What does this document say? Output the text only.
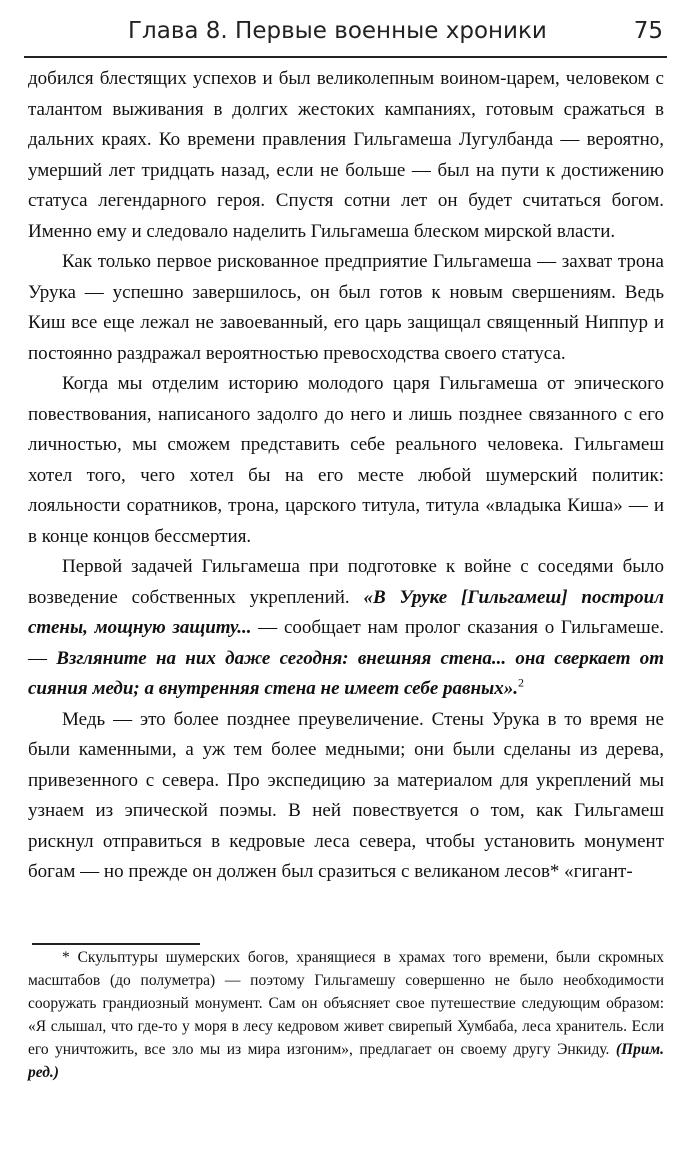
Глава 8. Первые военные хроники	75

добился блестящих успехов и был великолепным воином-царем, человеком с талантом выживания в долгих жестоких кампаниях, готовым сражаться в дальних краях. Ко времени правления Гильгамеша Лугулбанда — вероятно, умерший лет тридцать назад, если не больше — был на пути к достижению статуса легендарного героя. Спустя сотни лет он будет считаться богом. Именно ему и следовало наделить Гильгамеша блеском мирской власти.

Как только первое рискованное предприятие Гильгамеша — захват трона Урука — успешно завершилось, он был готов к новым свершениям. Ведь Киш все еще лежал не завоеванный, его царь защищал священный Ниппур и постоянно раздражал вероятностью превосходства своего статуса.

Когда мы отделим историю молодого царя Гильгамеша от эпического повествования, написаного задолго до него и лишь позднее связанного с его личностью, мы сможем представить себе реального человека. Гильгамеш хотел того, чего хотел бы на его месте любой шумерский политик: лояльности соратников, трона, царского титула, титула «владыка Киша» — и в конце концов бессмертия.

Первой задачей Гильгамеша при подготовке к войне с соседями было возведение собственных укреплений. «В Уруке [Гильгамеш] построил стены, мощную защиту... — сообщает нам пролог сказания о Гильгамеше. — Взгляните на них даже сегодня: внешняя стена... она сверкает от сияния меди; а внутренняя стена не имеет себе равных».$^2$

Медь — это более позднее преувеличение. Стены Урука в то время не были каменными, а уж тем более медными; они были сделаны из дерева, привезенного с севера. Про экспедицию за материалом для укреплений мы узнаем из эпической поэмы. В ней повествуется о том, как Гильгамеш рискнул отправиться в кедровые леса севера, чтобы установить монумент богам — но прежде он должен был сразиться с великаном лесов* «гигант-

* Скульптуры шумерских богов, хранящиеся в храмах того времени, были скромных масштабов (до полуметра) — поэтому Гильгамешу совершенно не было необходимости сооружать грандиозный монумент. Сам он объясняет свое путешествие следующим образом: «Я слышал, что где-то у моря в лесу кедровом живет свирепый Хумбаба, леса хранитель. Если его уничтожить, все зло мы из мира изгоним», предлагает он своему другу Энкиду. (Прим. ред.)
